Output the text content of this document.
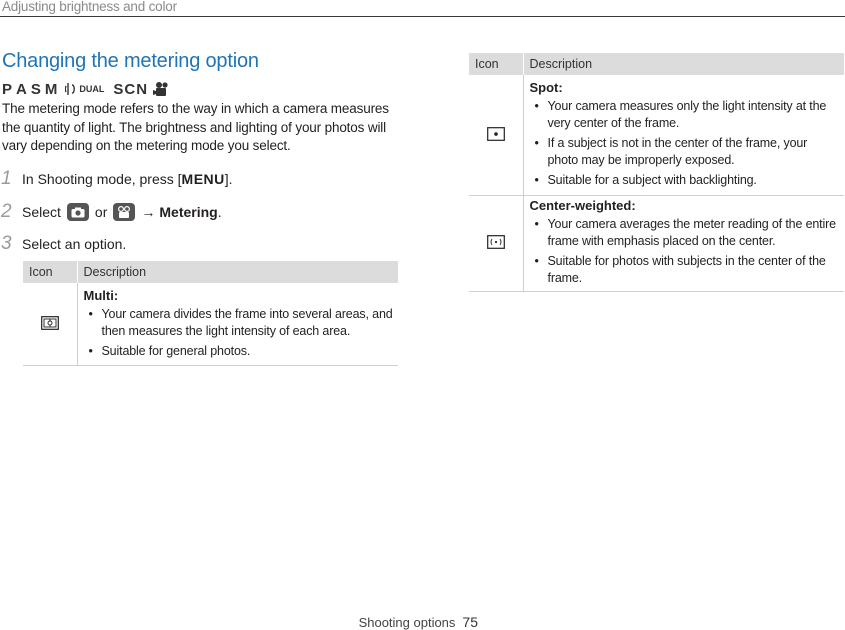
Adjusting brightness and color
Changing the metering option
P A S M DUAL SCN
The metering mode refers to the way in which a camera measures the quantity of light. The brightness and lighting of your photos will vary depending on the metering mode you select.
1 In Shooting mode, press [ MENU ].
2 Select or → Metering .
3 Select an option.
Icon	Description

Multi:
• Your camera divides the frame into several areas, and then measures the light intensity of each area.
• Suitable for general photos.
Icon	Description

Spot:
• Your camera measures only the light intensity at the very center of the frame.
• If a subject is not in the center of the frame, your photo may be improperly exposed.
• Suitable for a subject with backlighting.

Center-weighted:
• Your camera averages the meter reading of the entire frame with emphasis placed on the center.
• Suitable for photos with subjects in the center of the frame.
Shooting options 75
